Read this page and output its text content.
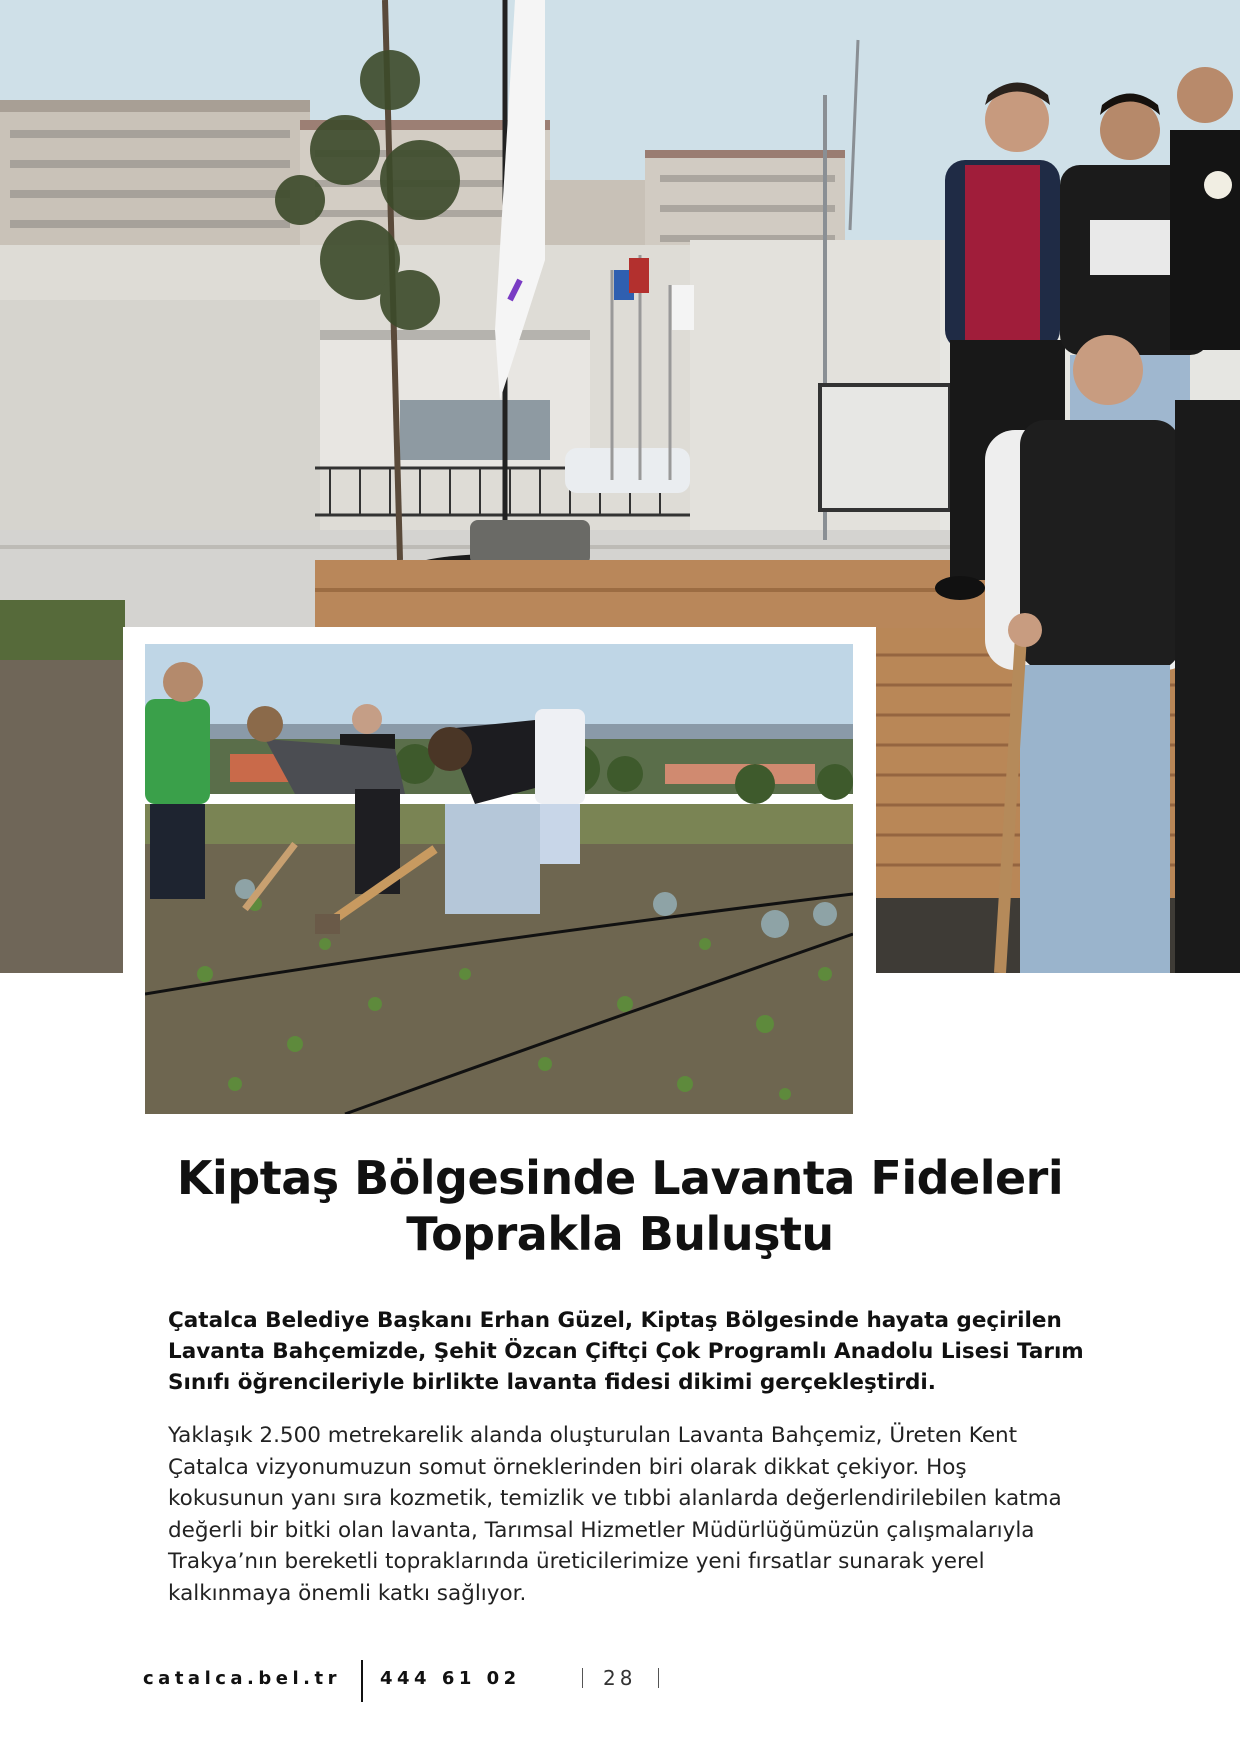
Kiptaş Bölgesinde Lavanta Fideleri
Toprakla Buluştu

Çatalca Belediye Başkanı Erhan Güzel, Kiptaş Bölgesinde hayata geçirilen Lavanta Bahçemizde, Şehit Özcan Çiftçi Çok Programlı Anadolu Lisesi Tarım Sınıfı öğrencileriyle birlikte lavanta fidesi dikimi gerçekleştirdi.

Yaklaşık 2.500 metrekarelik alanda oluşturulan Lavanta Bahçemiz, Üreten Kent Çatalca vizyonumuzun somut örneklerinden biri olarak dikkat çekiyor. Hoş kokusunun yanı sıra kozmetik, temizlik ve tıbbi alanlarda değerlendirilebilen katma değerli bir bitki olan lavanta, Tarımsal Hizmetler Müdürlüğümüzün çalışmalarıyla Trakya’nın bereketli topraklarında üreticilerimize yeni fırsatlar sunarak yerel kalkınmaya önemli katkı sağlıyor.

catalca.bel.tr 444 61 02	28
